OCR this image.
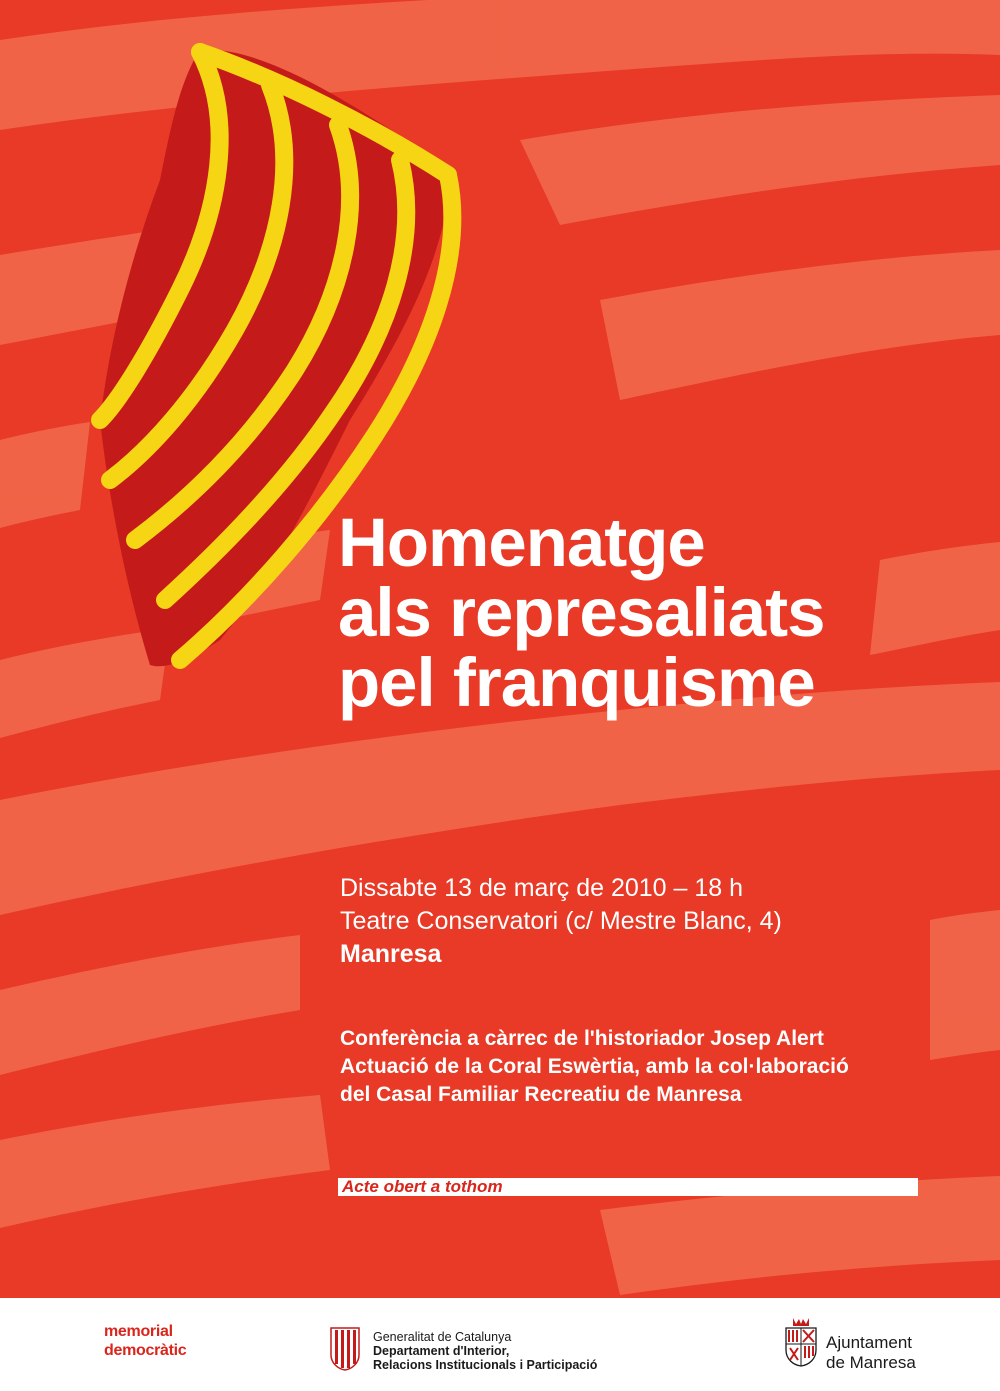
Homenatge
als represaliats
pel franquisme
Dissabte 13 de març de 2010 – 18 h
Teatre Conservatori (c/ Mestre Blanc, 4)
Manresa
Conferència a càrrec de l'historiador Josep Alert
Actuació de la Coral Eswèrtia, amb la col·laboració
del Casal Familiar Recreatiu de Manresa
Acte obert a tothom
memorial
democràtic
Generalitat de Catalunya
Departament d'Interior,
Relacions Institucionals i Participació
Ajuntament
de Manresa
